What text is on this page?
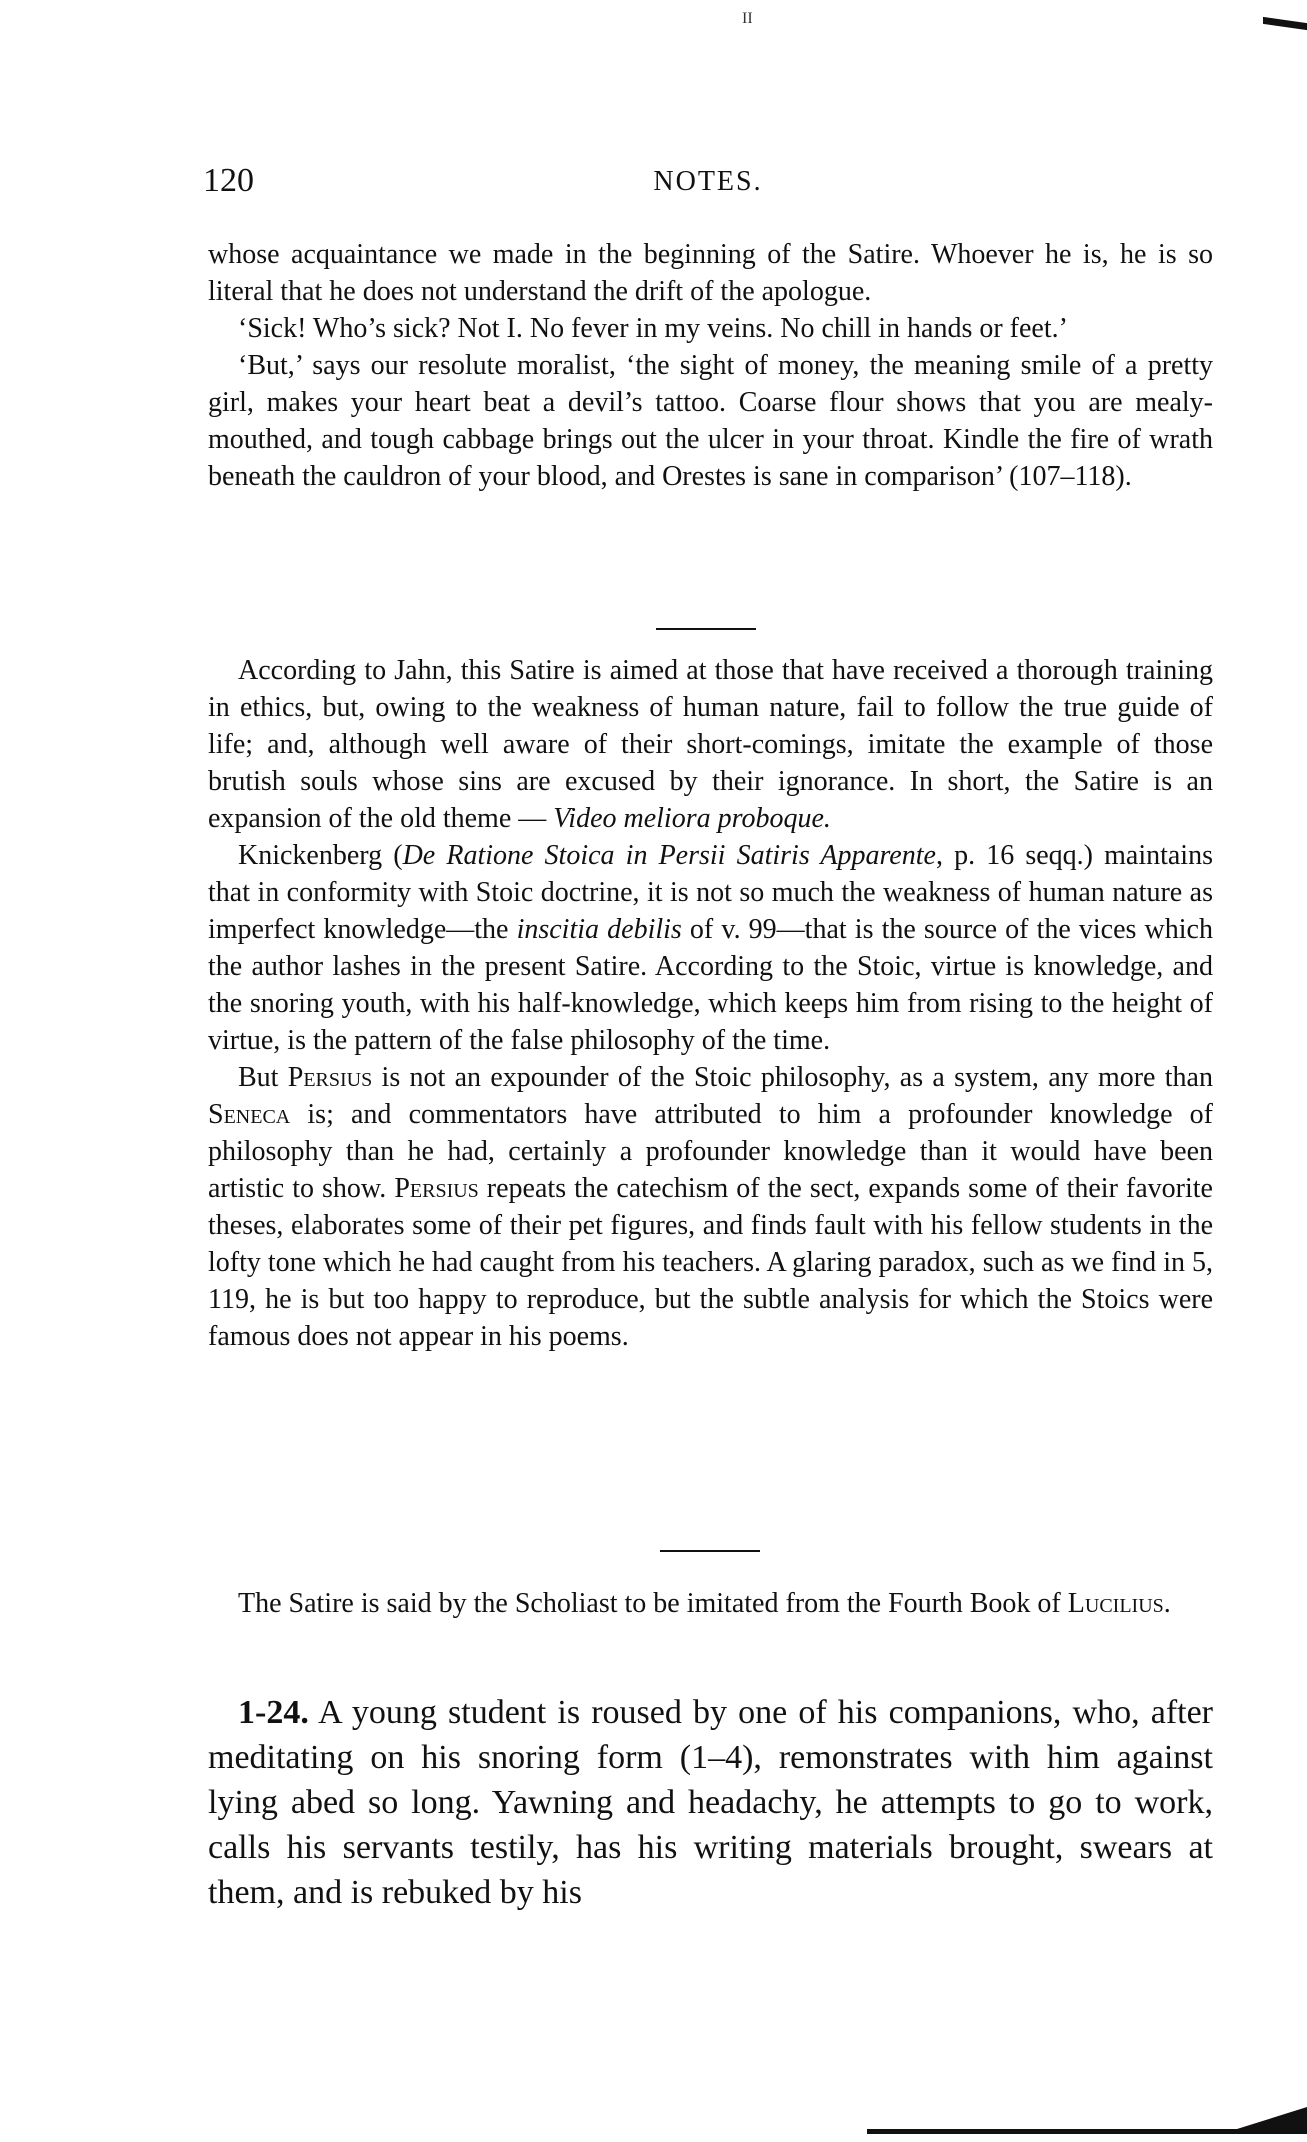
II
120	NOTES.

whose acquaintance we made in the beginning of the Satire. Whoever he is, he is so literal that he does not understand the drift of the apologue.

‘Sick! Who’s sick? Not I. No fever in my veins. No chill in hands or feet.’

‘But,’ says our resolute moralist, ‘the sight of money, the meaning smile of a pretty girl, makes your heart beat a devil’s tattoo. Coarse flour shows that you are mealy-mouthed, and tough cabbage brings out the ulcer in your throat. Kindle the fire of wrath beneath the cauldron of your blood, and Orestes is sane in comparison’ (107–118).

According to Jahn, this Satire is aimed at those that have received a thorough training in ethics, but, owing to the weakness of human nature, fail to follow the true guide of life; and, although well aware of their short-comings, imitate the example of those brutish souls whose sins are excused by their ignorance. In short, the Satire is an expansion of the old theme — Video meliora proboque.

Knickenberg (De Ratione Stoica in Persii Satiris Apparente, p. 16 seqq.) maintains that in conformity with Stoic doctrine, it is not so much the weakness of human nature as imperfect knowledge—the inscitia debilis of v. 99—that is the source of the vices which the author lashes in the present Satire. According to the Stoic, virtue is knowledge, and the snoring youth, with his half-knowledge, which keeps him from rising to the height of virtue, is the pattern of the false philosophy of the time.

But Persius is not an expounder of the Stoic philosophy, as a system, any more than Seneca is; and commentators have attributed to him a profounder knowledge of philosophy than he had, certainly a profounder knowledge than it would have been artistic to show. Persius repeats the catechism of the sect, expands some of their favorite theses, elaborates some of their pet figures, and finds fault with his fellow students in the lofty tone which he had caught from his teachers. A glaring paradox, such as we find in 5, 119, he is but too happy to reproduce, but the subtle analysis for which the Stoics were famous does not appear in his poems.

The Satire is said by the Scholiast to be imitated from the Fourth Book of Lucilius.

1-24. A young student is roused by one of his companions, who, after meditating on his snoring form (1–4), remonstrates with him against lying abed so long. Yawning and headachy, he attempts to go to work, calls his servants testily, has his writing materials brought, swears at them, and is rebuked by his
